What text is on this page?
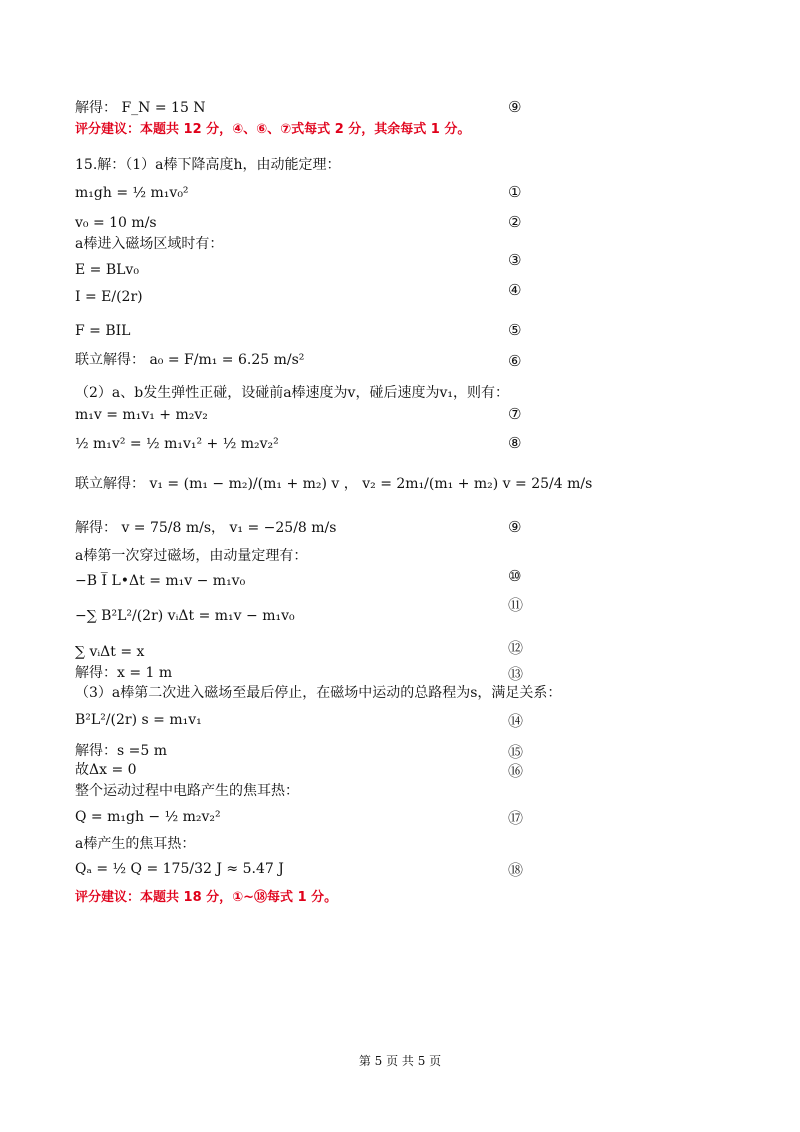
解得： F_N = 15 N
15.解：（1）a棒下降高度h，由动能定理：
m₁gh = ½ m₁v₀²
v₀ = 10 m/s
a棒进入磁场区域时有：
E = BLv₀
I = E/(2r)
F = BIL
联立解得： a₀ = F/m₁ = 6.25 m/s²
（2）a、b发生弹性正碰，设碰前a棒速度为v，碰后速度为v₁，则有：
m₁v = m₁v₁ + m₂v₂
½ m₁v² = ½ m₁v₁² + ½ m₂v₂²
联立解得： v₁ = (m₁ − m₂)/(m₁ + m₂) v ， v₂ = 2m₁/(m₁ + m₂) v = 25/4 m/s
解得： v = 75/8 m/s， v₁ = −25/8 m/s
a棒第一次穿过磁场，由动量定理有：
−B I̅ L•Δt = m₁v − m₁v₀
−∑ B²L²/(2r) vᵢΔt = m₁v − m₁v₀
∑ vᵢΔt = x
解得：x = 1 m
（3）a棒第二次进入磁场至最后停止，在磁场中运动的总路程为s，满足关系：
B²L²/(2r) s = m₁v₁
解得：s =5 m
故Δx = 0
整个运动过程中电路产生的焦耳热：
Q = m₁gh − ½ m₂v₂²
a棒产生的焦耳热：
Qₐ = ½ Q = 175/32 J ≈ 5.47 J
⑨
①
②
③
④
⑤
⑥
⑦
⑧
⑨
⑩
⑪
⑫
⑬
⑭
⑮
⑯
⑰
⑱
评分建议：本题共 12 分，④、⑥、⑦式每式 2 分，其余每式 1 分。
评分建议：本题共 18 分，①~⑱每式 1 分。
第 5 页 共 5 页
